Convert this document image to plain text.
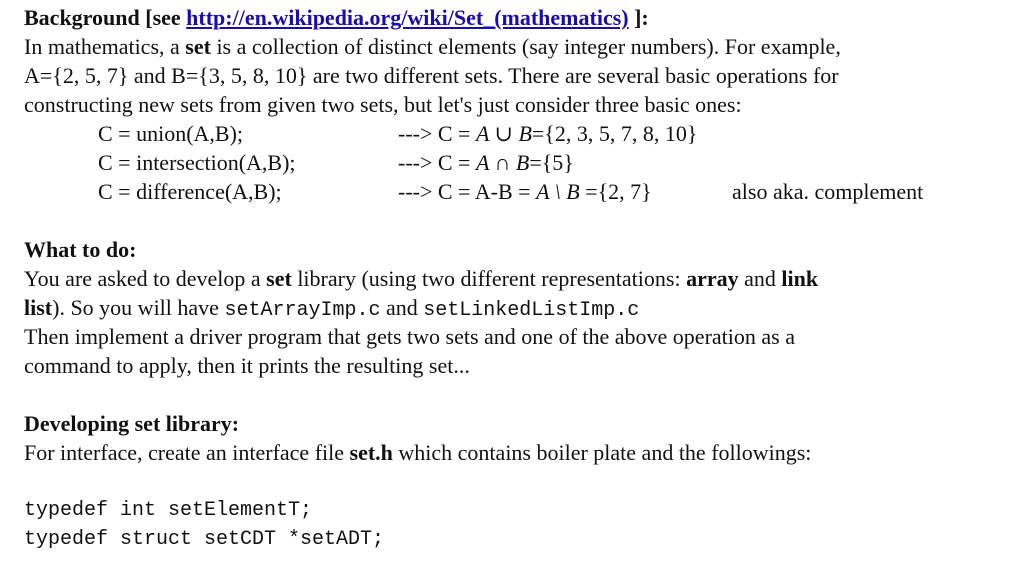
Background [see http://en.wikipedia.org/wiki/Set_(mathematics) ]:
In mathematics, a set is a collection of distinct elements (say integer numbers). For example,
A={2, 5, 7} and B={3, 5, 8, 10} are two different sets. There are several basic operations for
constructing new sets from given two sets, but let's just consider three basic ones:
C = union(A,B);	---> C = A ∪ B={2, 3, 5, 7, 8, 10}
C = intersection(A,B);	---> C = A ∩ B={5}
C = difference(A,B);	---> C = A-B = A \ B ={2, 7}	also aka. complement
What to do:
You are asked to develop a set library (using two different representations: array and link
list). So you will have setArrayImp.c and setLinkedListImp.c
Then implement a driver program that gets two sets and one of the above operation as a
command to apply, then it prints the resulting set...
Developing set library:
For interface, create an interface file set.h which contains boiler plate and the followings:
typedef int setElementT;
typedef struct setCDT *setADT;
